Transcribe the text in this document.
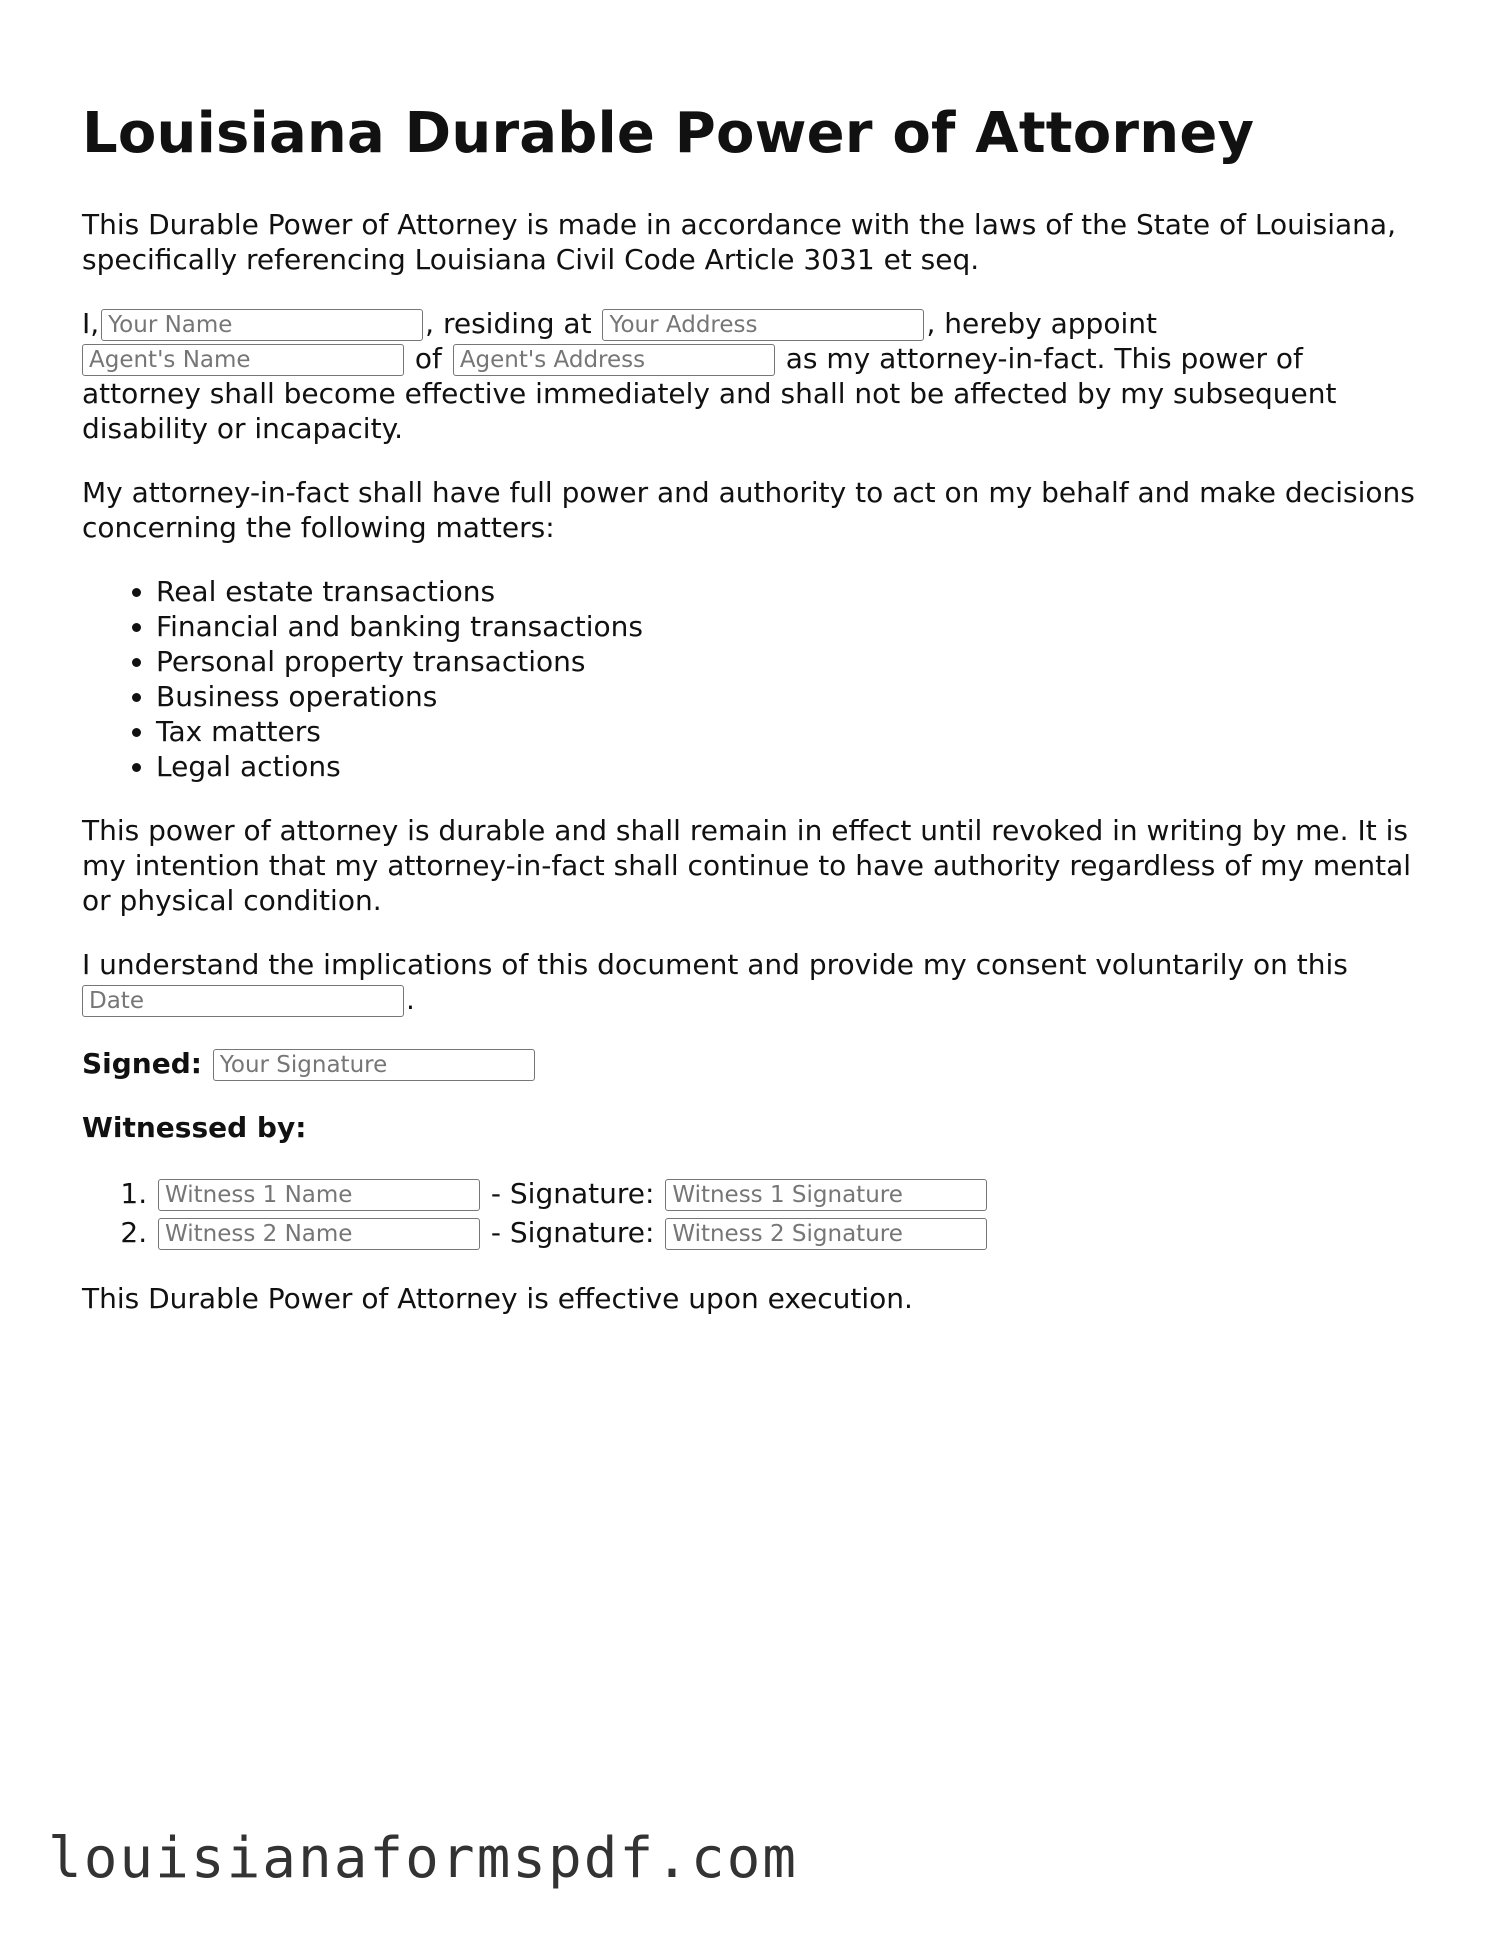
Louisiana Durable Power of Attorney

This Durable Power of Attorney is made in accordance with the laws of the State of Louisiana, specifically referencing Louisiana Civil Code Article 3031 et seq.

I,Your Name	, residing at Your Address	, hereby appoint Agent's Name of Agent's Address	as my attorney-in-fact. This power of attorney shall become effective immediately and shall not be affected by my subsequent disability or incapacity.

My attorney-in-fact shall have full power and authority to act on my behalf and make decisions concerning the following matters:

• Real estate transactions
• Financial and banking transactions
• Personal property transactions
• Business operations
• Tax matters
• Legal actions

This power of attorney is durable and shall remain in effect until revoked in writing by me. It is my intention that my attorney-in-fact shall continue to have authority regardless of my mental or physical condition.

I understand the implications of this document and provide my consent voluntarily on this Date.

Signed: Your Signature

Witnessed by:

Witness 1 Name 1. - Signature: Witness 1 Signature
Witness 2 Name 2. - Signature: Witness 2 Signature

This Durable Power of Attorney is effective upon execution.

louisianaformspdf.com
